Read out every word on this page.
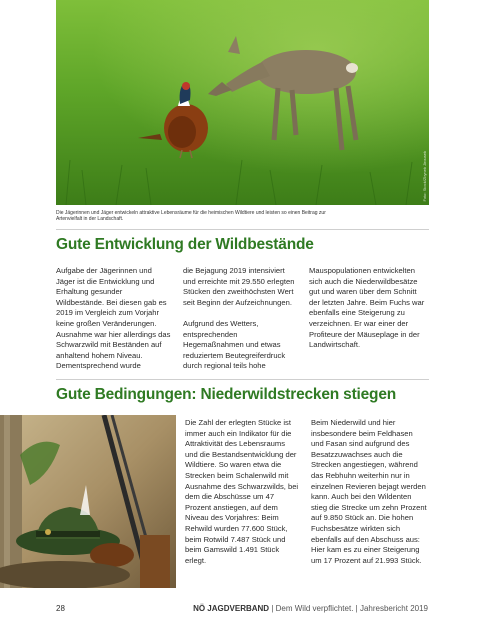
Foto: Stock/Zbynek Jirousek
Die Jägerinnen und Jäger entwickeln attraktive Lebensräume für die heimischen Wildtiere und leisten so einen Beitrag zur Artenvielfalt in der Landschaft.
Gute Entwicklung der Wildbestände

Aufgabe der Jägerinnen und Jäger ist die Entwicklung und Erhaltung gesunder Wildbestände. Bei diesen gab es 2019 im Vergleich zum Vorjahr keine großen Veränderungen. Ausnahme war hier allerdings das Schwarzwild mit Beständen auf anhaltend hohem Niveau. Dementsprechend wurde

die Bejagung 2019 intensiviert und erreichte mit 29.550 erlegten Stücken den zweithöchsten Wert seit Beginn der Aufzeichnungen.

Aufgrund des Wetters, entsprechenden Hegemaßnahmen und etwas reduziertem Beutegreiferdruck durch regional teils hohe

Mauspopulationen entwickelten sich auch die Niederwildbesätze gut und waren über dem Schnitt der letzten Jahre. Beim Fuchs war ebenfalls eine Steigerung zu verzeichnen. Er war einer der Profiteure der Mäuseplage in der Landwirtschaft.

Gute Bedingungen: Niederwildstrecken stiegen

Die Zahl der erlegten Stücke ist immer auch ein Indikator für die Attraktivität des Lebensraums und die Bestandsentwicklung der Wildtiere. So waren etwa die Strecken beim Schalenwild mit Ausnahme des Schwarzwilds, bei dem die Abschüsse um 47 Prozent anstiegen, auf dem Niveau des Vorjahres: Beim Rehwild wurden 77.600 Stück, beim Rotwild 7.487 Stück und beim Gamswild 1.491 Stück erlegt.

Beim Niederwild und hier insbesondere beim Feldhasen und Fasan sind aufgrund des Besatzzuwachses auch die Strecken angestiegen, während das Rebhuhn weiterhin nur in einzelnen Revieren bejagt werden kann. Auch bei den Wildenten stieg die Strecke um zehn Prozent auf 9.850 Stück an. Die hohen Fuchsbesätze wirkten sich ebenfalls auf den Abschuss aus: Hier kam es zu einer Steigerung um 17 Prozent auf 21.993 Stück.

28	NÖ JAGDVERBAND | Dem Wild verpflichtet. | Jahresbericht 2019
